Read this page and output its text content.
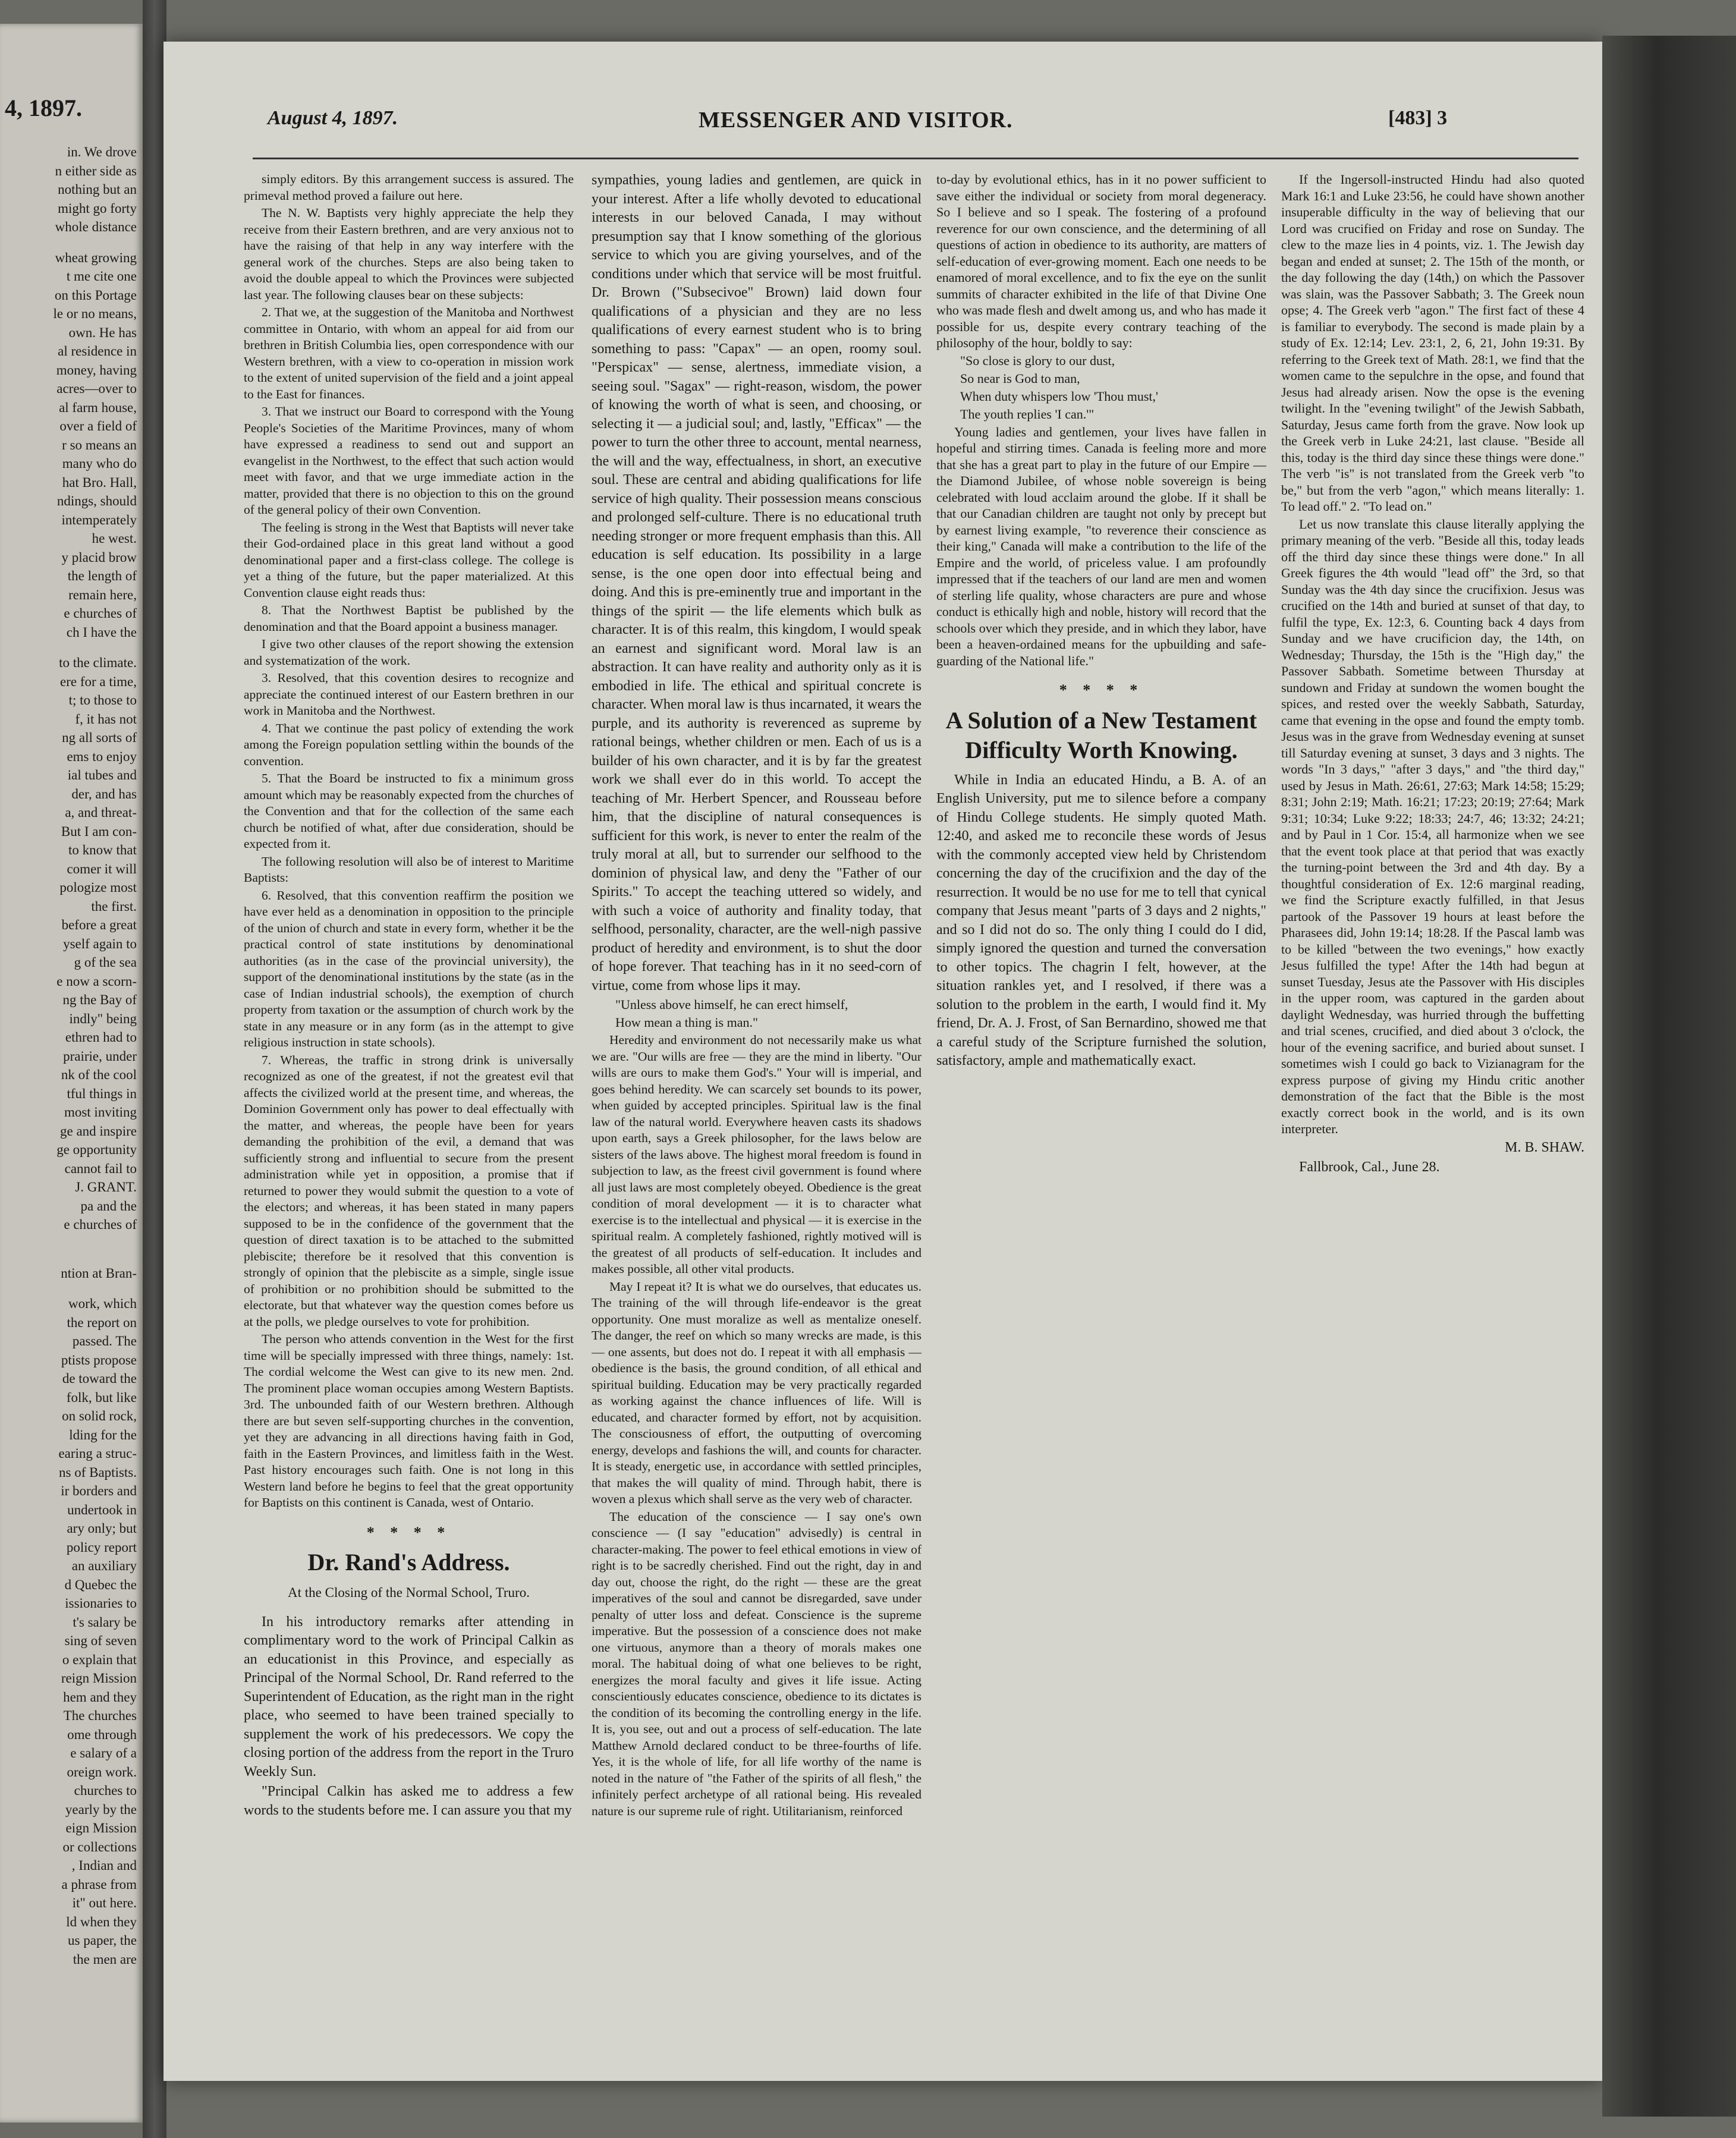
4, 1897.
in. We drove
n either side as
nothing but an
might go forty
whole distance
wheat growing
t me cite one
on this Portage
le or no means,
own. He has
al residence in
money, having
acres—over to
al farm house,
over a field of
r so means an
many who do
hat Bro. Hall,
ndings, should
intemperately
he west.
y placid brow
the length of
remain here,
e churches of
ch I have the
to the climate.
ere for a time,
t; to those to
f, it has not
ng all sorts of
ems to enjoy
ial tubes and
der, and has
a, and threat-
But I am con-
to know that
comer it will
pologize most
the first.
before a great
yself again to
g of the sea
e now a scorn-
ng the Bay of
indly" being
ethren had to
prairie, under
nk of the cool
tful things in
most inviting
ge and inspire
ge opportunity
cannot fail to
J. GRANT.
pa and the
e churches of
ntion at Bran-
work, which
the report on
passed. The
ptists propose
de toward the
folk, but like
on solid rock,
lding for the
earing a struc-
ns of Baptists.
ir borders and
undertook in
ary only; but
policy report
an auxiliary
d Quebec the
issionaries to
t's salary be
sing of seven
o explain that
reign Mission
hem and they
The churches
ome through
e salary of a
oreign work.
churches to
yearly by the
eign Mission
or collections
, Indian and
a phrase from
it" out here.
ld when they
us paper, the
the men are
August 4, 1897.	MESSENGER AND VISITOR.	[483] 3

simply editors. By this arrangement success is assured. The primeval method proved a failure out here.

The N. W. Baptists very highly appreciate the help they receive from their Eastern brethren, and are very anxious not to have the raising of that help in any way interfere with the general work of the churches. Steps are also being taken to avoid the double appeal to which the Provinces were subjected last year. The following clauses bear on these subjects:

2. That we, at the suggestion of the Manitoba and Northwest committee in Ontario, with whom an appeal for aid from our brethren in British Columbia lies, open correspondence with our Western brethren, with a view to co-operation in mission work to the extent of united supervision of the field and a joint appeal to the East for finances.

3. That we instruct our Board to correspond with the Young People's Societies of the Maritime Provinces, many of whom have expressed a readiness to send out and support an evangelist in the Northwest, to the effect that such action would meet with favor, and that we urge immediate action in the matter, provided that there is no objection to this on the ground of the general policy of their own Convention.

The feeling is strong in the West that Baptists will never take their God-ordained place in this great land without a good denominational paper and a first-class college. The college is yet a thing of the future, but the paper materialized. At this Convention clause eight reads thus:

8. That the Northwest Baptist be published by the denomination and that the Board appoint a business manager.

I give two other clauses of the report showing the extension and systematization of the work.

3. Resolved, that this covention desires to recognize and appreciate the continued interest of our Eastern brethren in our work in Manitoba and the Northwest.

4. That we continue the past policy of extending the work among the Foreign population settling within the bounds of the convention.

5. That the Board be instructed to fix a minimum gross amount which may be reasonably expected from the churches of the Convention and that for the collection of the same each church be notified of what, after due consideration, should be expected from it.

The following resolution will also be of interest to Maritime Baptists:

6. Resolved, that this convention reaffirm the position we have ever held as a denomination in opposition to the principle of the union of church and state in every form, whether it be the practical control of state institutions by denominational authorities (as in the case of the provincial university), the support of the denominational institutions by the state (as in the case of Indian industrial schools), the exemption of church property from taxation or the assumption of church work by the state in any measure or in any form (as in the attempt to give religious instruction in state schools).

7. Whereas, the traffic in strong drink is universally recognized as one of the greatest, if not the greatest evil that affects the civilized world at the present time, and whereas, the Dominion Government only has power to deal effectually with the matter, and whereas, the people have been for years demanding the prohibition of the evil, a demand that was sufficiently strong and influential to secure from the present administration while yet in opposition, a promise that if returned to power they would submit the question to a vote of the electors; and whereas, it has been stated in many papers supposed to be in the confidence of the government that the question of direct taxation is to be attached to the submitted plebiscite; therefore be it resolved that this convention is strongly of opinion that the plebiscite as a simple, single issue of prohibition or no prohibition should be submitted to the electorate, but that whatever way the question comes before us at the polls, we pledge ourselves to vote for prohibition.

The person who attends convention in the West for the first time will be specially impressed with three things, namely: 1st. The cordial welcome the West can give to its new men. 2nd. The prominent place woman occupies among Western Baptists. 3rd. The unbounded faith of our Western brethren. Although there are but seven self-supporting churches in the convention, yet they are advancing in all directions having faith in God, faith in the Eastern Provinces, and limitless faith in the West. Past history encourages such faith. One is not long in this Western land before he begins to feel that the great opportunity for Baptists on this continent is Canada, west of Ontario.

* * * *
Dr. Rand's Address.
At the Closing of the Normal School, Truro.

In his introductory remarks after attending in complimentary word to the work of Principal Calkin as an educationist in this Province, and especially as Principal of the Normal School, Dr. Rand referred to the Superintendent of Education, as the right man in the right place, who seemed to have been trained specially to supplement the work of his predecessors. We copy the closing portion of the address from the report in the Truro Weekly Sun.

"Principal Calkin has asked me to address a few words to the students before me. I can assure you that my

sympathies, young ladies and gentlemen, are quick in your interest. After a life wholly devoted to educational interests in our beloved Canada, I may without presumption say that I know something of the glorious service to which you are giving yourselves, and of the conditions under which that service will be most fruitful. Dr. Brown ("Subsecivoe" Brown) laid down four qualifications of a physician and they are no less qualifications of every earnest student who is to bring something to pass: "Capax" — an open, roomy soul. "Perspicax" — sense, alertness, immediate vision, a seeing soul. "Sagax" — right-reason, wisdom, the power of knowing the worth of what is seen, and choosing, or selecting it — a judicial soul; and, lastly, "Efficax" — the power to turn the other three to account, mental nearness, the will and the way, effectualness, in short, an executive soul. These are central and abiding qualifications for life service of high quality. Their possession means conscious and prolonged self-culture. There is no educational truth needing stronger or more frequent emphasis than this. All education is self education. Its possibility in a large sense, is the one open door into effectual being and doing. And this is pre-eminently true and important in the things of the spirit — the life elements which bulk as character. It is of this realm, this kingdom, I would speak an earnest and significant word. Moral law is an abstraction. It can have reality and authority only as it is embodied in life. The ethical and spiritual concrete is character. When moral law is thus incarnated, it wears the purple, and its authority is reverenced as supreme by rational beings, whether children or men. Each of us is a builder of his own character, and it is by far the greatest work we shall ever do in this world. To accept the teaching of Mr. Herbert Spencer, and Rousseau before him, that the discipline of natural consequences is sufficient for this work, is never to enter the realm of the truly moral at all, but to surrender our selfhood to the dominion of physical law, and deny the "Father of our Spirits." To accept the teaching uttered so widely, and with such a voice of authority and finality today, that selfhood, personality, character, are the well-nigh passive product of heredity and environment, is to shut the door of hope forever. That teaching has in it no seed-corn of virtue, come from whose lips it may.

"Unless above himself, he can erect himself,

How mean a thing is man."

Heredity and environment do not necessarily make us what we are. "Our wills are free — they are the mind in liberty. "Our wills are ours to make them God's." Your will is imperial, and goes behind heredity. We can scarcely set bounds to its power, when guided by accepted principles. Spiritual law is the final law of the natural world. Everywhere heaven casts its shadows upon earth, says a Greek philosopher, for the laws below are sisters of the laws above. The highest moral freedom is found in subjection to law, as the freest civil government is found where all just laws are most completely obeyed. Obedience is the great condition of moral development — it is to character what exercise is to the intellectual and physical — it is exercise in the spiritual realm. A completely fashioned, rightly motived will is the greatest of all products of self-education. It includes and makes possible, all other vital products.

May I repeat it? It is what we do ourselves, that educates us. The training of the will through life-endeavor is the great opportunity. One must moralize as well as mentalize oneself. The danger, the reef on which so many wrecks are made, is this — one assents, but does not do. I repeat it with all emphasis — obedience is the basis, the ground condition, of all ethical and spiritual building. Education may be very practically regarded as working against the chance influences of life. Will is educated, and character formed by effort, not by acquisition. The consciousness of effort, the outputting of overcoming energy, develops and fashions the will, and counts for character. It is steady, energetic use, in accordance with settled principles, that makes the will quality of mind. Through habit, there is woven a plexus which shall serve as the very web of character.

The education of the conscience — I say one's own conscience — (I say "education" advisedly) is central in character-making. The power to feel ethical emotions in view of right is to be sacredly cherished. Find out the right, day in and day out, choose the right, do the right — these are the great imperatives of the soul and cannot be disregarded, save under penalty of utter loss and defeat. Conscience is the supreme imperative. But the possession of a conscience does not make one virtuous, anymore than a theory of morals makes one moral. The habitual doing of what one believes to be right, energizes the moral faculty and gives it life issue. Acting conscientiously educates conscience, obedience to its dictates is the condition of its becoming the controlling energy in the life. It is, you see, out and out a process of self-education. The late Matthew Arnold declared conduct to be three-fourths of life. Yes, it is the whole of life, for all life worthy of the name is noted in the nature of "the Father of the spirits of all flesh," the infinitely perfect archetype of all rational being. His revealed nature is our supreme rule of right. Utilitarianism, reinforced

to-day by evolutional ethics, has in it no power sufficient to save either the individual or society from moral degeneracy. So I believe and so I speak. The fostering of a profound reverence for our own conscience, and the determining of all questions of action in obedience to its authority, are matters of self-education of ever-growing moment. Each one needs to be enamored of moral excellence, and to fix the eye on the sunlit summits of character exhibited in the life of that Divine One who was made flesh and dwelt among us, and who has made it possible for us, despite every contrary teaching of the philosophy of the hour, boldly to say:

"So close is glory to our dust,

So near is God to man,

When duty whispers low 'Thou must,'

The youth replies 'I can.'"

Young ladies and gentlemen, your lives have fallen in hopeful and stirring times. Canada is feeling more and more that she has a great part to play in the future of our Empire — the Diamond Jubilee, of whose noble sovereign is being celebrated with loud acclaim around the globe. If it shall be that our Canadian children are taught not only by precept but by earnest living example, "to reverence their conscience as their king," Canada will make a contribution to the life of the Empire and the world, of priceless value. I am profoundly impressed that if the teachers of our land are men and women of sterling life quality, whose characters are pure and whose conduct is ethically high and noble, history will record that the schools over which they preside, and in which they labor, have been a heaven-ordained means for the upbuilding and safe-guarding of the National life."

* * * *
A Solution of a New Testament Difficulty Worth Knowing.

While in India an educated Hindu, a B. A. of an English University, put me to silence before a company of Hindu College students. He simply quoted Math. 12:40, and asked me to reconcile these words of Jesus with the commonly accepted view held by Christendom concerning the day of the crucifixion and the day of the resurrection. It would be no use for me to tell that cynical company that Jesus meant "parts of 3 days and 2 nights," and so I did not do so. The only thing I could do I did, simply ignored the question and turned the conversation to other topics. The chagrin I felt, however, at the situation rankles yet, and I resolved, if there was a solution to the problem in the earth, I would find it. My friend, Dr. A. J. Frost, of San Bernardino, showed me that a careful study of the Scripture furnished the solution, satisfactory, ample and mathematically exact.

If the Ingersoll-instructed Hindu had also quoted Mark 16:1 and Luke 23:56, he could have shown another insuperable difficulty in the way of believing that our Lord was crucified on Friday and rose on Sunday. The clew to the maze lies in 4 points, viz. 1. The Jewish day began and ended at sunset; 2. The 15th of the month, or the day following the day (14th,) on which the Passover was slain, was the Passover Sabbath; 3. The Greek noun opse; 4. The Greek verb "agon." The first fact of these 4 is familiar to everybody. The second is made plain by a study of Ex. 12:14; Lev. 23:1, 2, 6, 21, John 19:31. By referring to the Greek text of Math. 28:1, we find that the women came to the sepulchre in the opse, and found that Jesus had already arisen. Now the opse is the evening twilight. In the "evening twilight" of the Jewish Sabbath, Saturday, Jesus came forth from the grave. Now look up the Greek verb in Luke 24:21, last clause. "Beside all this, today is the third day since these things were done." The verb "is" is not translated from the Greek verb "to be," but from the verb "agon," which means literally: 1. To lead off." 2. "To lead on."

Let us now translate this clause literally applying the primary meaning of the verb. "Beside all this, today leads off the third day since these things were done." In all Greek figures the 4th would "lead off" the 3rd, so that Sunday was the 4th day since the crucifixion. Jesus was crucified on the 14th and buried at sunset of that day, to fulfil the type, Ex. 12:3, 6. Counting back 4 days from Sunday and we have crucificion day, the 14th, on Wednesday; Thursday, the 15th is the "High day," the Passover Sabbath. Sometime between Thursday at sundown and Friday at sundown the women bought the spices, and rested over the weekly Sabbath, Saturday, came that evening in the opse and found the empty tomb. Jesus was in the grave from Wednesday evening at sunset till Saturday evening at sunset, 3 days and 3 nights. The words "In 3 days," "after 3 days," and "the third day," used by Jesus in Math. 26:61, 27:63; Mark 14:58; 15:29; 8:31; John 2:19; Math. 16:21; 17:23; 20:19; 27:64; Mark 9:31; 10:34; Luke 9:22; 18:33; 24:7, 46; 13:32; 24:21; and by Paul in 1 Cor. 15:4, all harmonize when we see that the event took place at that period that was exactly the turning-point between the 3rd and 4th day. By a thoughtful consideration of Ex. 12:6 marginal reading, we find the Scripture exactly fulfilled, in that Jesus partook of the Passover 19 hours at least before the Pharasees did, John 19:14; 18:28. If the Pascal lamb was to be killed "between the two evenings," how exactly Jesus fulfilled the type! After the 14th had begun at sunset Tuesday, Jesus ate the Passover with His disciples in the upper room, was captured in the garden about daylight Wednesday, was hurried through the buffetting and trial scenes, crucified, and died about 3 o'clock, the hour of the evening sacrifice, and buried about sunset. I sometimes wish I could go back to Vizianagram for the express purpose of giving my Hindu critic another demonstration of the fact that the Bible is the most exactly correct book in the world, and is its own interpreter.

M. B. SHAW.

Fallbrook, Cal., June 28.
